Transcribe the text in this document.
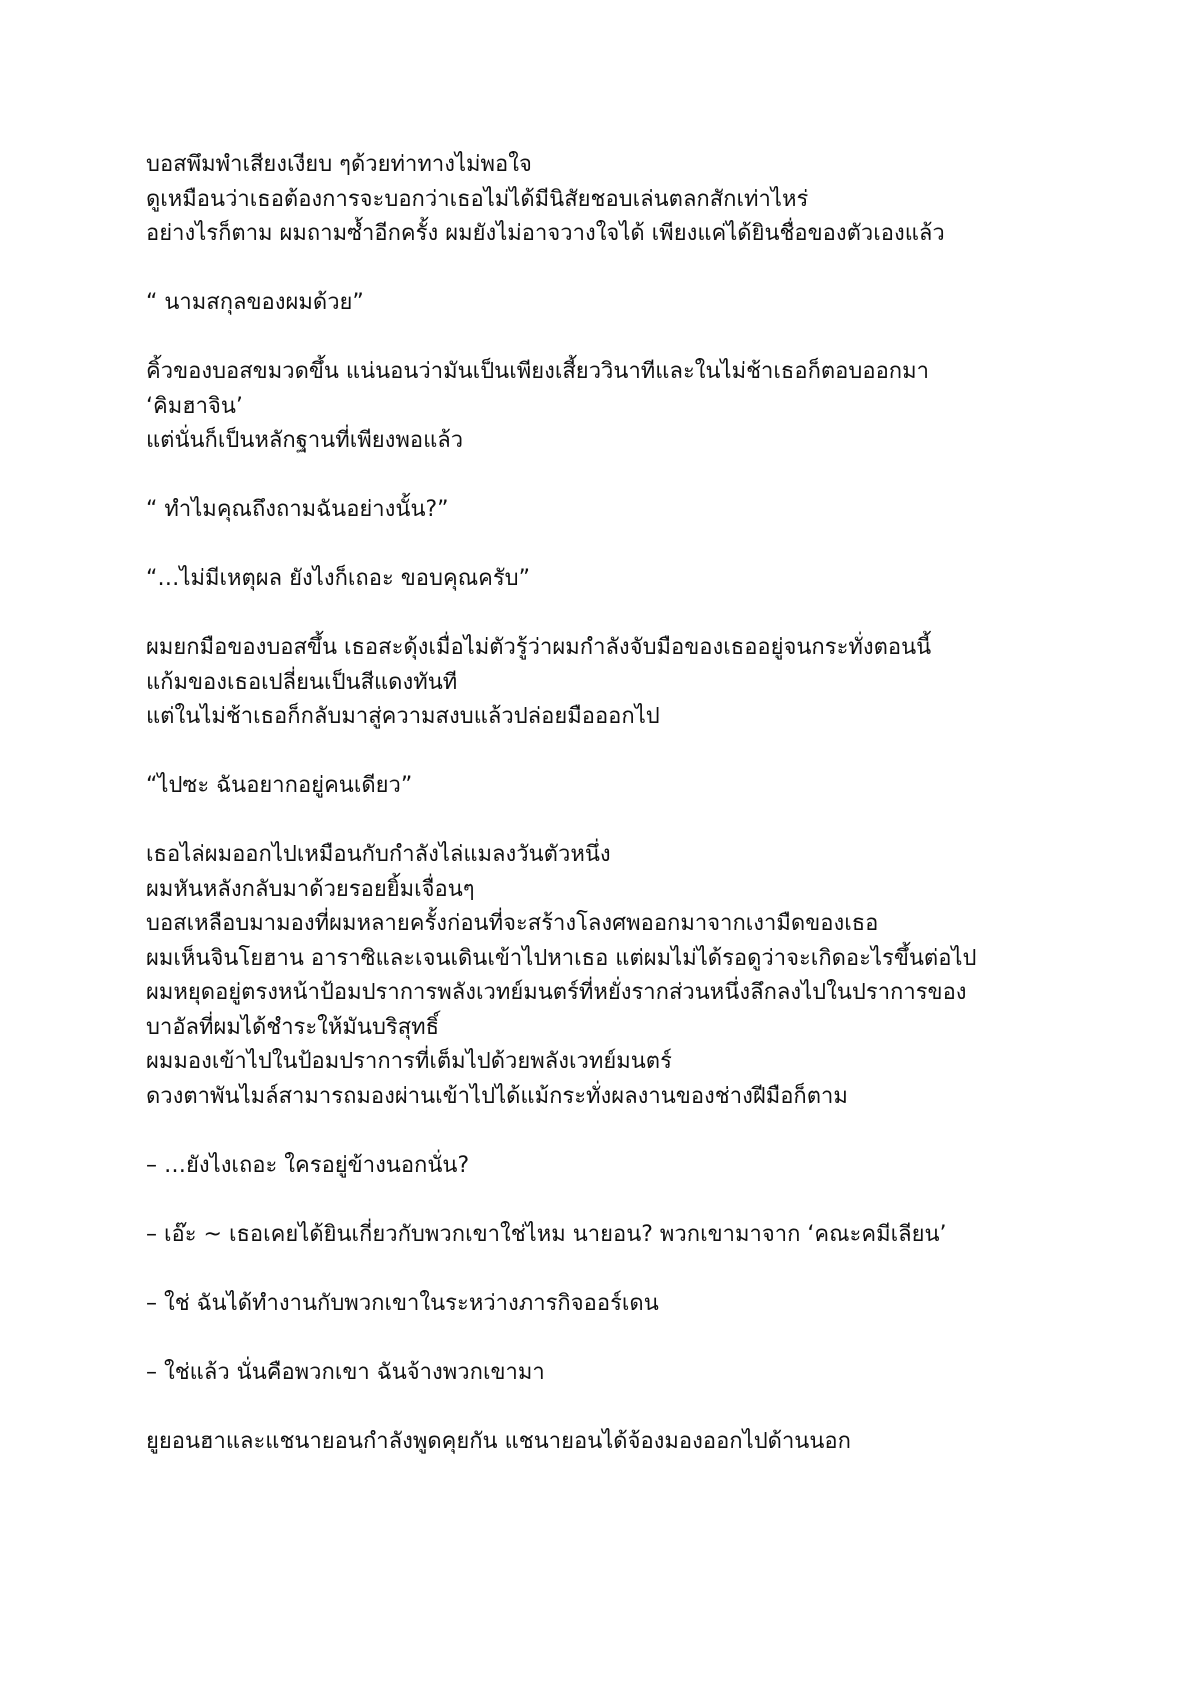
บอสพึมพำเสียงเงียบ ๆด้วยท่าทางไม่พอใจ
ดูเหมือนว่าเธอต้องการจะบอกว่าเธอไม่ได้มีนิสัยชอบเล่นตลกสักเท่าไหร่
อย่างไรก็ตาม ผมถามซ้ำอีกครั้ง ผมยังไม่อาจวางใจได้ เพียงแค่ได้ยินชื่อของตัวเองแล้ว

“ นามสกุลของผมด้วย”

คิ้วของบอสขมวดขึ้น แน่นอนว่ามันเป็นเพียงเสี้ยววินาทีและในไม่ช้าเธอก็ตอบออกมา
‘คิมฮาจิน’
แต่นั่นก็เป็นหลักฐานที่เพียงพอแล้ว

“ ทำไมคุณถึงถามฉันอย่างนั้น?”

“…ไม่มีเหตุผล ยังไงก็เถอะ ขอบคุณครับ”

ผมยกมือของบอสขึ้น เธอสะดุ้งเมื่อไม่ตัวรู้ว่าผมกำลังจับมือของเธออยู่จนกระทั่งตอนนี้
แก้มของเธอเปลี่ยนเป็นสีแดงทันที
แต่ในไม่ช้าเธอก็กลับมาสู่ความสงบแล้วปล่อยมือออกไป

“ไปซะ ฉันอยากอยู่คนเดียว”

เธอไล่ผมออกไปเหมือนกับกำลังไล่แมลงวันตัวหนึ่ง
ผมหันหลังกลับมาด้วยรอยยิ้มเจื่อนๆ
บอสเหลือบมามองที่ผมหลายครั้งก่อนที่จะสร้างโลงศพออกมาจากเงามืดของเธอ
ผมเห็นจินโยฮาน อาราซิและเจนเดินเข้าไปหาเธอ แต่ผมไม่ได้รอดูว่าจะเกิดอะไรขึ้นต่อไป
ผมหยุดอยู่ตรงหน้าป้อมปราการพลังเวทย์มนตร์ที่หยั่งรากส่วนหนึ่งลึกลงไปในปราการของ
บาอัลที่ผมได้ชำระให้มันบริสุทธิ์
ผมมองเข้าไปในป้อมปราการที่เต็มไปด้วยพลังเวทย์มนตร์
ดวงตาพันไมล์สามารถมองผ่านเข้าไปได้แม้กระทั่งผลงานของช่างฝีมือก็ตาม

– …ยังไงเถอะ ใครอยู่ข้างนอกนั่น?

– เอ๊ะ ~ เธอเคยได้ยินเกี่ยวกับพวกเขาใช่ไหม นายอน? พวกเขามาจาก ‘คณะคมีเลียน’

– ใช่ ฉันได้ทำงานกับพวกเขาในระหว่างภารกิจออร์เดน

– ใช่แล้ว นั่นคือพวกเขา ฉันจ้างพวกเขามา

ยูยอนฮาและแชนายอนกำลังพูดคุยกัน แชนายอนได้จ้องมองออกไปด้านนอก
